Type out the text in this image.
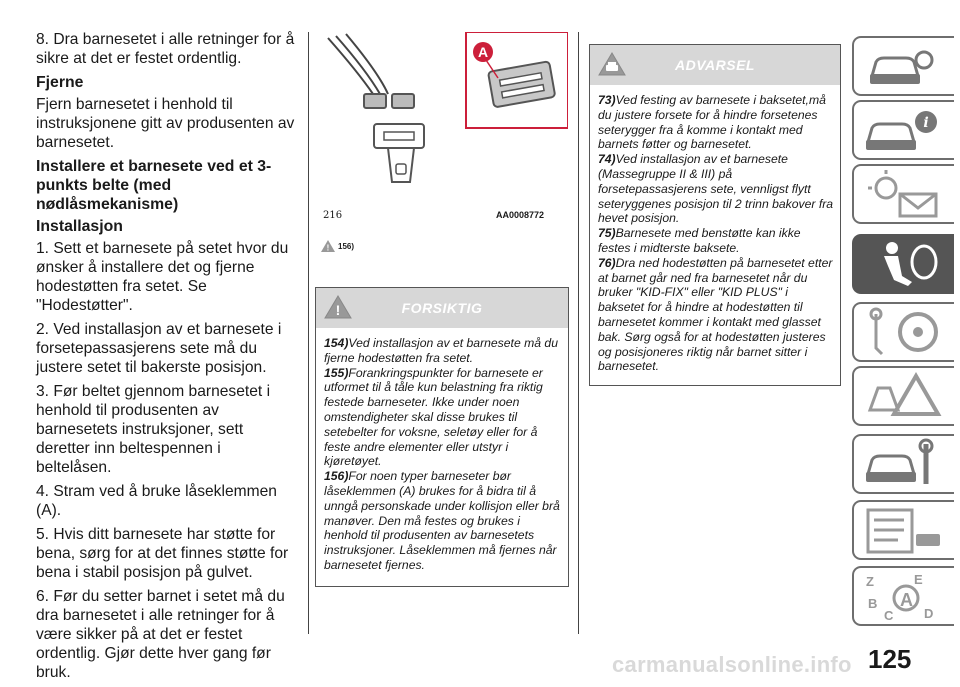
8. Dra barnesetet i alle retninger for å sikre at det er festet ordentlig.

Fjerne

Fjern barnesetet i henhold til instruksjonene gitt av produsenten av barnesetet.

Installere et barnesete ved et 3-punkts belte (med nødlåsmekanisme)
Installasjon

1. Sett et barnesete på setet hvor du ønsker å installere det og fjerne hodestøtten fra setet. Se "Hodestøtter".

2. Ved installasjon av et barnesete i forsetepassasjerens sete må du justere setet til bakerste posisjon.

3. Før beltet gjennom barnesetet i henhold til produsenten av barnesetets instruksjoner, sett deretter inn beltespennen i beltelåsen.

4. Stram ved å bruke låseklemmen (A).

5. Hvis ditt barnesete har støtte for bena, sørg for at det finnes støtte for bena i stabil posisjon på gulvet.

6. Før du setter barnet i setet må du dra barnesetet i alle retninger for å være sikker på at det er festet ordentlig. Gjør dette hver gang før bruk.

A
216	AA0008772
! 156)
!	FORSIKTIG
154)Ved installasjon av et barnesete må du fjerne hodestøtten fra setet.
155)Forankringspunkter for barnesete er utformet til å tåle kun belastning fra riktig festede barneseter. Ikke under noen omstendigheter skal disse brukes til setebelter for voksne, seletøy eller for å feste andre elementer eller utstyr i kjøretøyet.
156)For noen typer barneseter bør låseklemmen (A) brukes for å bidra til å unngå personskade under kollisjon eller brå manøver. Den må festes og brukes i henhold til produsenten av barnesetets instruksjoner. Låseklemmen må fjernes når barnesetet fjernes.
ADVARSEL
73)Ved festing av barnesete i baksetet,må du justere forsete for å hindre forsetenes seterygger fra å komme i kontakt med barnets føtter og barnesetet.
74)Ved installasjon av et barnesete (Massegruppe II & III) på forsetepassasjerens sete, vennligst flytt seteryggenes posisjon til 2 trinn bakover fra hevet posisjon.
75)Barnesete med benstøtte kan ikke festes i midterste baksete.
76)Dra ned hodestøtten på barnesetet etter at barnet går ned fra barnesetet når du bruker "KID-FIX" eller "KID PLUS" i baksetet for å hindre at hodestøtten til barnesetet kommer i kontakt med glasset bak. Sørg også for at hodestøtten justeres og posisjoneres riktig når barnet sitter i barnesetet.
i
Z	E
B
C D
A
125
carmanualsonline.info
